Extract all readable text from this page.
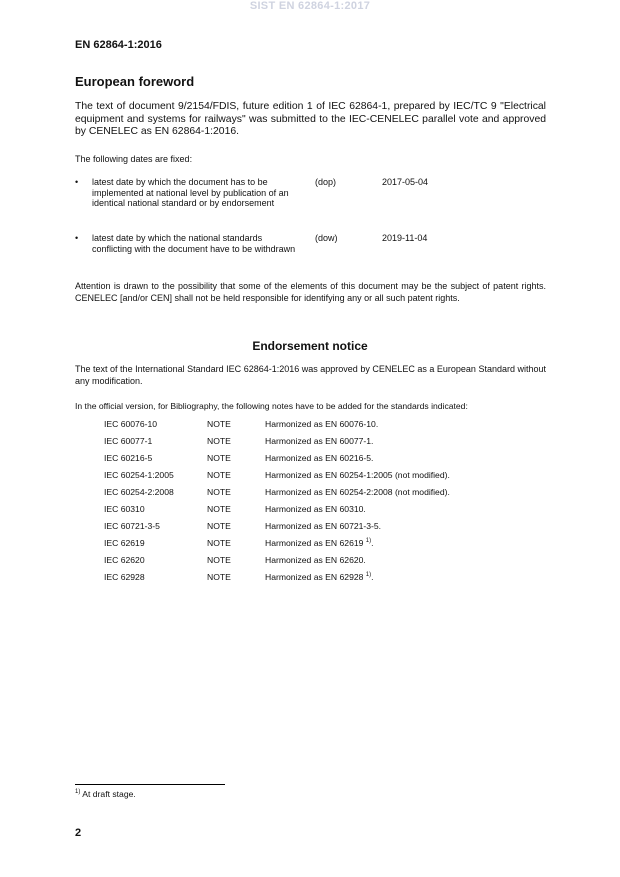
SIST EN 62864-1:2017
EN 62864-1:2016
European foreword
The text of document 9/2154/FDIS, future edition 1 of IEC 62864-1, prepared by IEC/TC 9 "Electrical equipment and systems for railways" was submitted to the IEC-CENELEC parallel vote and approved by CENELEC as EN 62864-1:2016.
The following dates are fixed:
• latest date by which the document has to be implemented at national level by publication of an identical national standard or by endorsement
(dop)	2017-05-04
• latest date by which the national standards conflicting with the document have to be withdrawn
(dow)	2019-11-04
Attention is drawn to the possibility that some of the elements of this document may be the subject of patent rights. CENELEC [and/or CEN] shall not be held responsible for identifying any or all such patent rights.
Endorsement notice
The text of the International Standard IEC 62864-1:2016 was approved by CENELEC as a European Standard without any modification.
In the official version, for Bibliography, the following notes have to be added for the standards indicated:
IEC 60076-10	NOTE	Harmonized as EN 60076-10.
IEC 60077-1	NOTE	Harmonized as EN 60077-1.
IEC 60216-5	NOTE	Harmonized as EN 60216-5.
IEC 60254-1:2005	NOTE	Harmonized as EN 60254-1:2005 (not modified).
IEC 60254-2:2008	NOTE	Harmonized as EN 60254-2:2008 (not modified).
IEC 60310	NOTE	Harmonized as EN 60310.
IEC 60721-3-5	NOTE	Harmonized as EN 60721-3-5.
IEC 62619	NOTE	Harmonized as EN 62619 $^{1)}$.
IEC 62620	NOTE	Harmonized as EN 62620.
IEC 62928	NOTE	Harmonized as EN 62928 $^{1)}$.
$^{1)}$ At draft stage.
2
